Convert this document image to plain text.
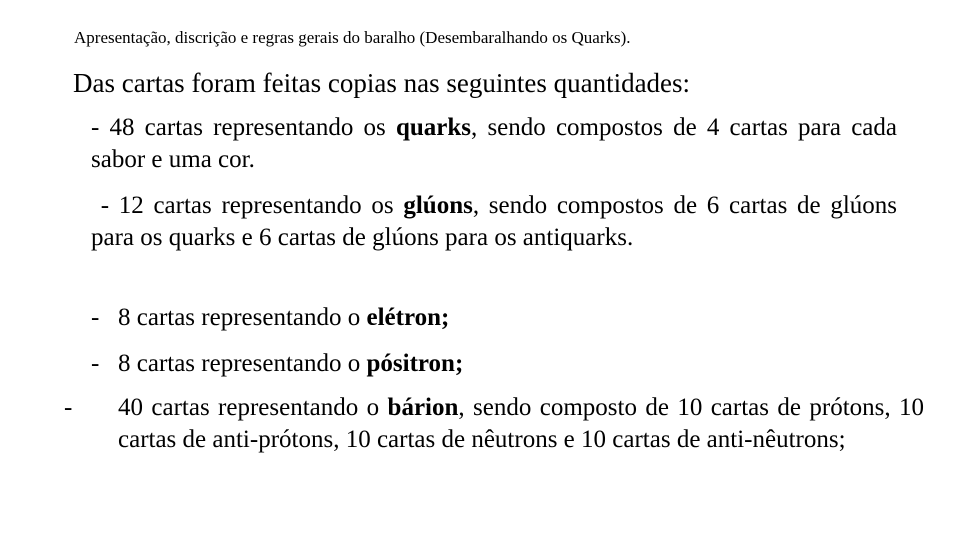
Apresentação, discrição e regras gerais do baralho (Desembaralhando os Quarks).
Das cartas foram feitas copias nas seguintes quantidades:
- 48 cartas representando os quarks, sendo compostos de 4 cartas para cada sabor e uma cor.
- 12 cartas representando os glúons, sendo compostos de 6 cartas de glúons para os quarks e 6 cartas de glúons para os antiquarks.
- 8 cartas representando o elétron;
- 8 cartas representando o pósitron;
- 40 cartas representando o bárion, sendo composto de 10 cartas de prótons, 10 cartas de anti-prótons, 10 cartas de nêutrons e 10 cartas de anti-nêutrons;
